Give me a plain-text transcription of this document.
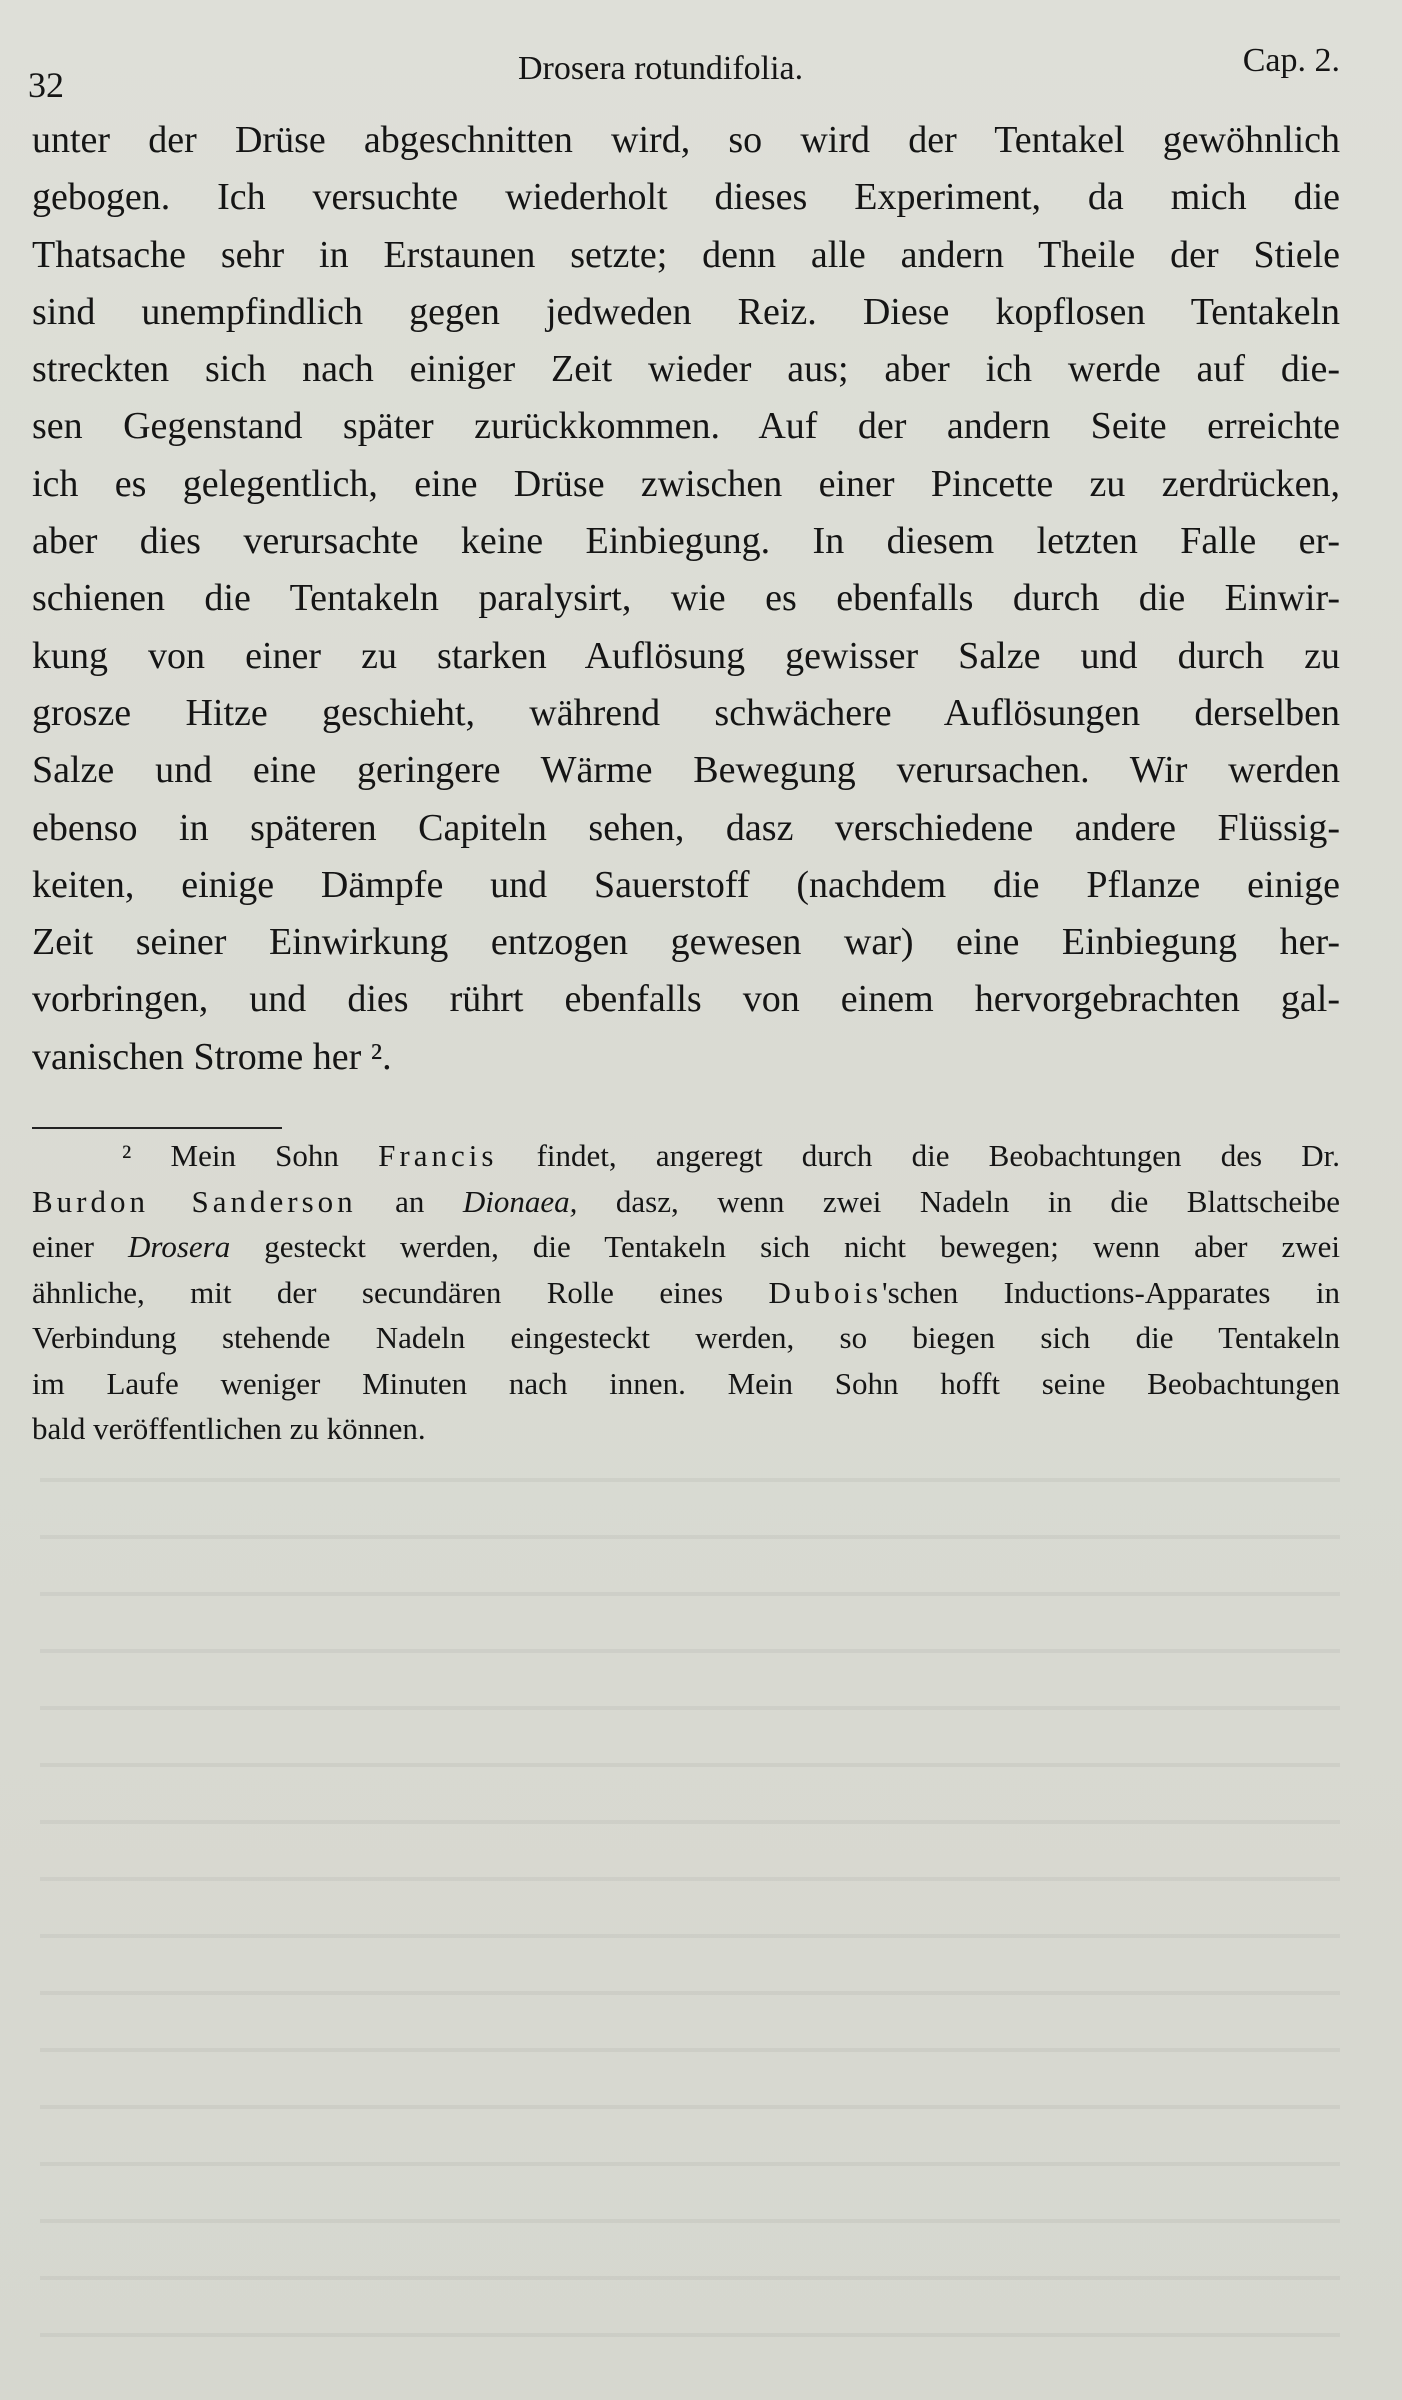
32	Drosera rotundifolia.	Cap. 2.
unter der Drüse abgeschnitten wird, so wird der Tentakel gewöhnlich
gebogen. Ich versuchte wiederholt dieses Experiment, da mich die
Thatsache sehr in Erstaunen setzte; denn alle andern Theile der Stiele
sind unempfindlich gegen jedweden Reiz. Diese kopflosen Tentakeln
streckten sich nach einiger Zeit wieder aus; aber ich werde auf die-
sen Gegenstand später zurückkommen. Auf der andern Seite erreichte
ich es gelegentlich, eine Drüse zwischen einer Pincette zu zerdrücken,
aber dies verursachte keine Einbiegung. In diesem letzten Falle er-
schienen die Tentakeln paralysirt, wie es ebenfalls durch die Einwir-
kung von einer zu starken Auflösung gewisser Salze und durch zu
grosze Hitze geschieht, während schwächere Auflösungen derselben
Salze und eine geringere Wärme Bewegung verursachen. Wir werden
ebenso in späteren Capiteln sehen, dasz verschiedene andere Flüssig-
keiten, einige Dämpfe und Sauerstoff (nachdem die Pflanze einige
Zeit seiner Einwirkung entzogen gewesen war) eine Einbiegung her-
vorbringen, und dies rührt ebenfalls von einem hervorgebrachten gal-
vanischen Strome her ².
² Mein Sohn Francis findet, angeregt durch die Beobachtungen des Dr.
Burdon Sanderson an Dionaea, dasz, wenn zwei Nadeln in die Blattscheibe
einer Drosera gesteckt werden, die Tentakeln sich nicht bewegen; wenn aber zwei
ähnliche, mit der secundären Rolle eines Dubois'schen Inductions-Apparates in
Verbindung stehende Nadeln eingesteckt werden, so biegen sich die Tentakeln
im Laufe weniger Minuten nach innen. Mein Sohn hofft seine Beobachtungen
bald veröffentlichen zu können.
